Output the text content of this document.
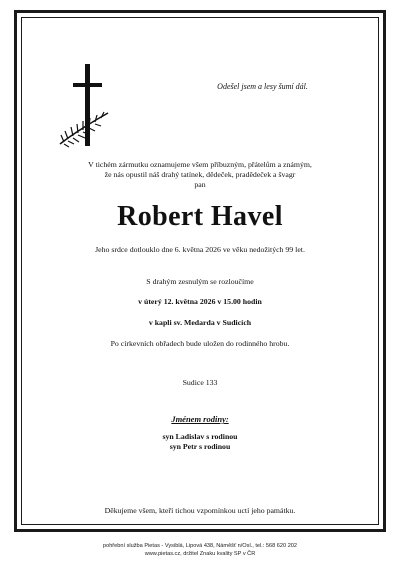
Odešel jsem a lesy šumí dál.
V tichém zármutku oznamujeme všem příbuzným, přátelům a známým,
že nás opustil náš drahý tatínek, dědeček, pradědeček a švagr
pan
Robert Havel
Jeho srdce dotlouklo dne 6. května 2026 ve věku nedožitých 99 let.
S drahým zesnulým se rozloučíme
v úterý 12. května 2026 v 15.00 hodin
v kapli sv. Medarda v Sudicích
Po církevních obřadech bude uložen do rodinného hrobu.
Sudice 133
Jménem rodiny:
syn Ladislav s rodinou
syn Petr s rodinou
Děkujeme všem, kteří tichou vzpomínkou uctí jeho památku.
pohřební služba Pietas - Vysiblá, Lipová 438, Náměšť n/Osl., tel.: 568 620 202
www.pietas.cz, držitel Znaku kvality SP v ČR
